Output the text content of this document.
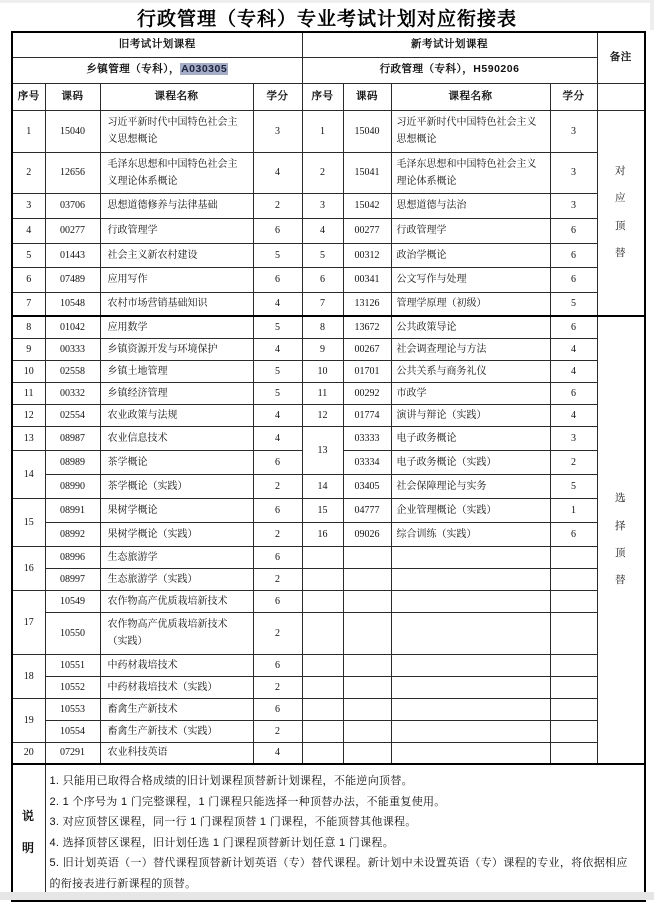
行政管理（专科）专业考试计划对应衔接表
旧考试计划课程				新考试计划课程				备注
乡镇管理（专科），A030305				行政管理（专科），H590206				
序号	课码	课程名称	学分	序号	课码	课程名称	学分	
1	15040	习近平新时代中国特色社会主义思想概论	3	1	15040	习近平新时代中国特色社会主义思想概论	3	对应顶替
2	12656	毛泽东思想和中国特色社会主义理论体系概论	4	2	15041	毛泽东思想和中国特色社会主义理论体系概论	3	
3	03706	思想道德修养与法律基础	2	3	15042	思想道德与法治	3	
4	00277	行政管理学	6	4	00277	行政管理学	6	
5	01443	社会主义新农村建设	5	5	00312	政治学概论	6	
6	07489	应用写作	6	6	00341	公文写作与处理	6	
7	10548	农村市场营销基础知识	4	7	13126	管理学原理（初级）	5	
8	01042	应用数学	5	8	13672	公共政策导论	6	选择顶替
9	00333	乡镇资源开发与环境保护	4	9	00267	社会调查理论与方法	4	
10	02558	乡镇土地管理	5	10	01701	公共关系与商务礼仪	4	
11	00332	乡镇经济管理	5	11	00292	市政学	6	
12	02554	农业政策与法规	4	12	01774	演讲与辩论（实践）	4	
13	08987	农业信息技术	4	13	03333	电子政务概论	3	
14	08989	茶学概论	6		03334	电子政务概论（实践）	2	
	08990	茶学概论（实践）	2	14	03405	社会保障理论与实务	5	
15	08991	果树学概论	6	15	04777	企业管理概论（实践）	1	
	08992	果树学概论（实践）	2	16	09026	综合训练（实践）	6	
16	08996	生态旅游学	6					
	08997	生态旅游学（实践）	2					
17	10549	农作物高产优质栽培新技术	6					
	10550	农作物高产优质栽培新技术（实践）	2					
18	10551	中药材栽培技术	6					
	10552	中药材栽培技术（实践）	2					
19	10553	畜禽生产新技术	6					
	10554	畜禽生产新技术（实践）	2					
20	07291	农业科技英语	4					
说明	1. 只能用已取得合格成绩的旧计划课程顶替新计划课程，不能逆向顶替。
2. 1 个序号为 1 门完整课程，1 门课程只能选择一种顶替办法，不能重复使用。
3. 对应顶替区课程，同一行 1 门课程顶替 1 门课程，不能顶替其他课程。
4. 选择顶替区课程，旧计划任选 1 门课程顶替新计划任意 1 门课程。
5. 旧计划英语（一）替代课程顶替新计划英语（专）替代课程。新计划中未设置英语（专）课程的专业，将依据相应的衔接表进行新课程的顶替。							
